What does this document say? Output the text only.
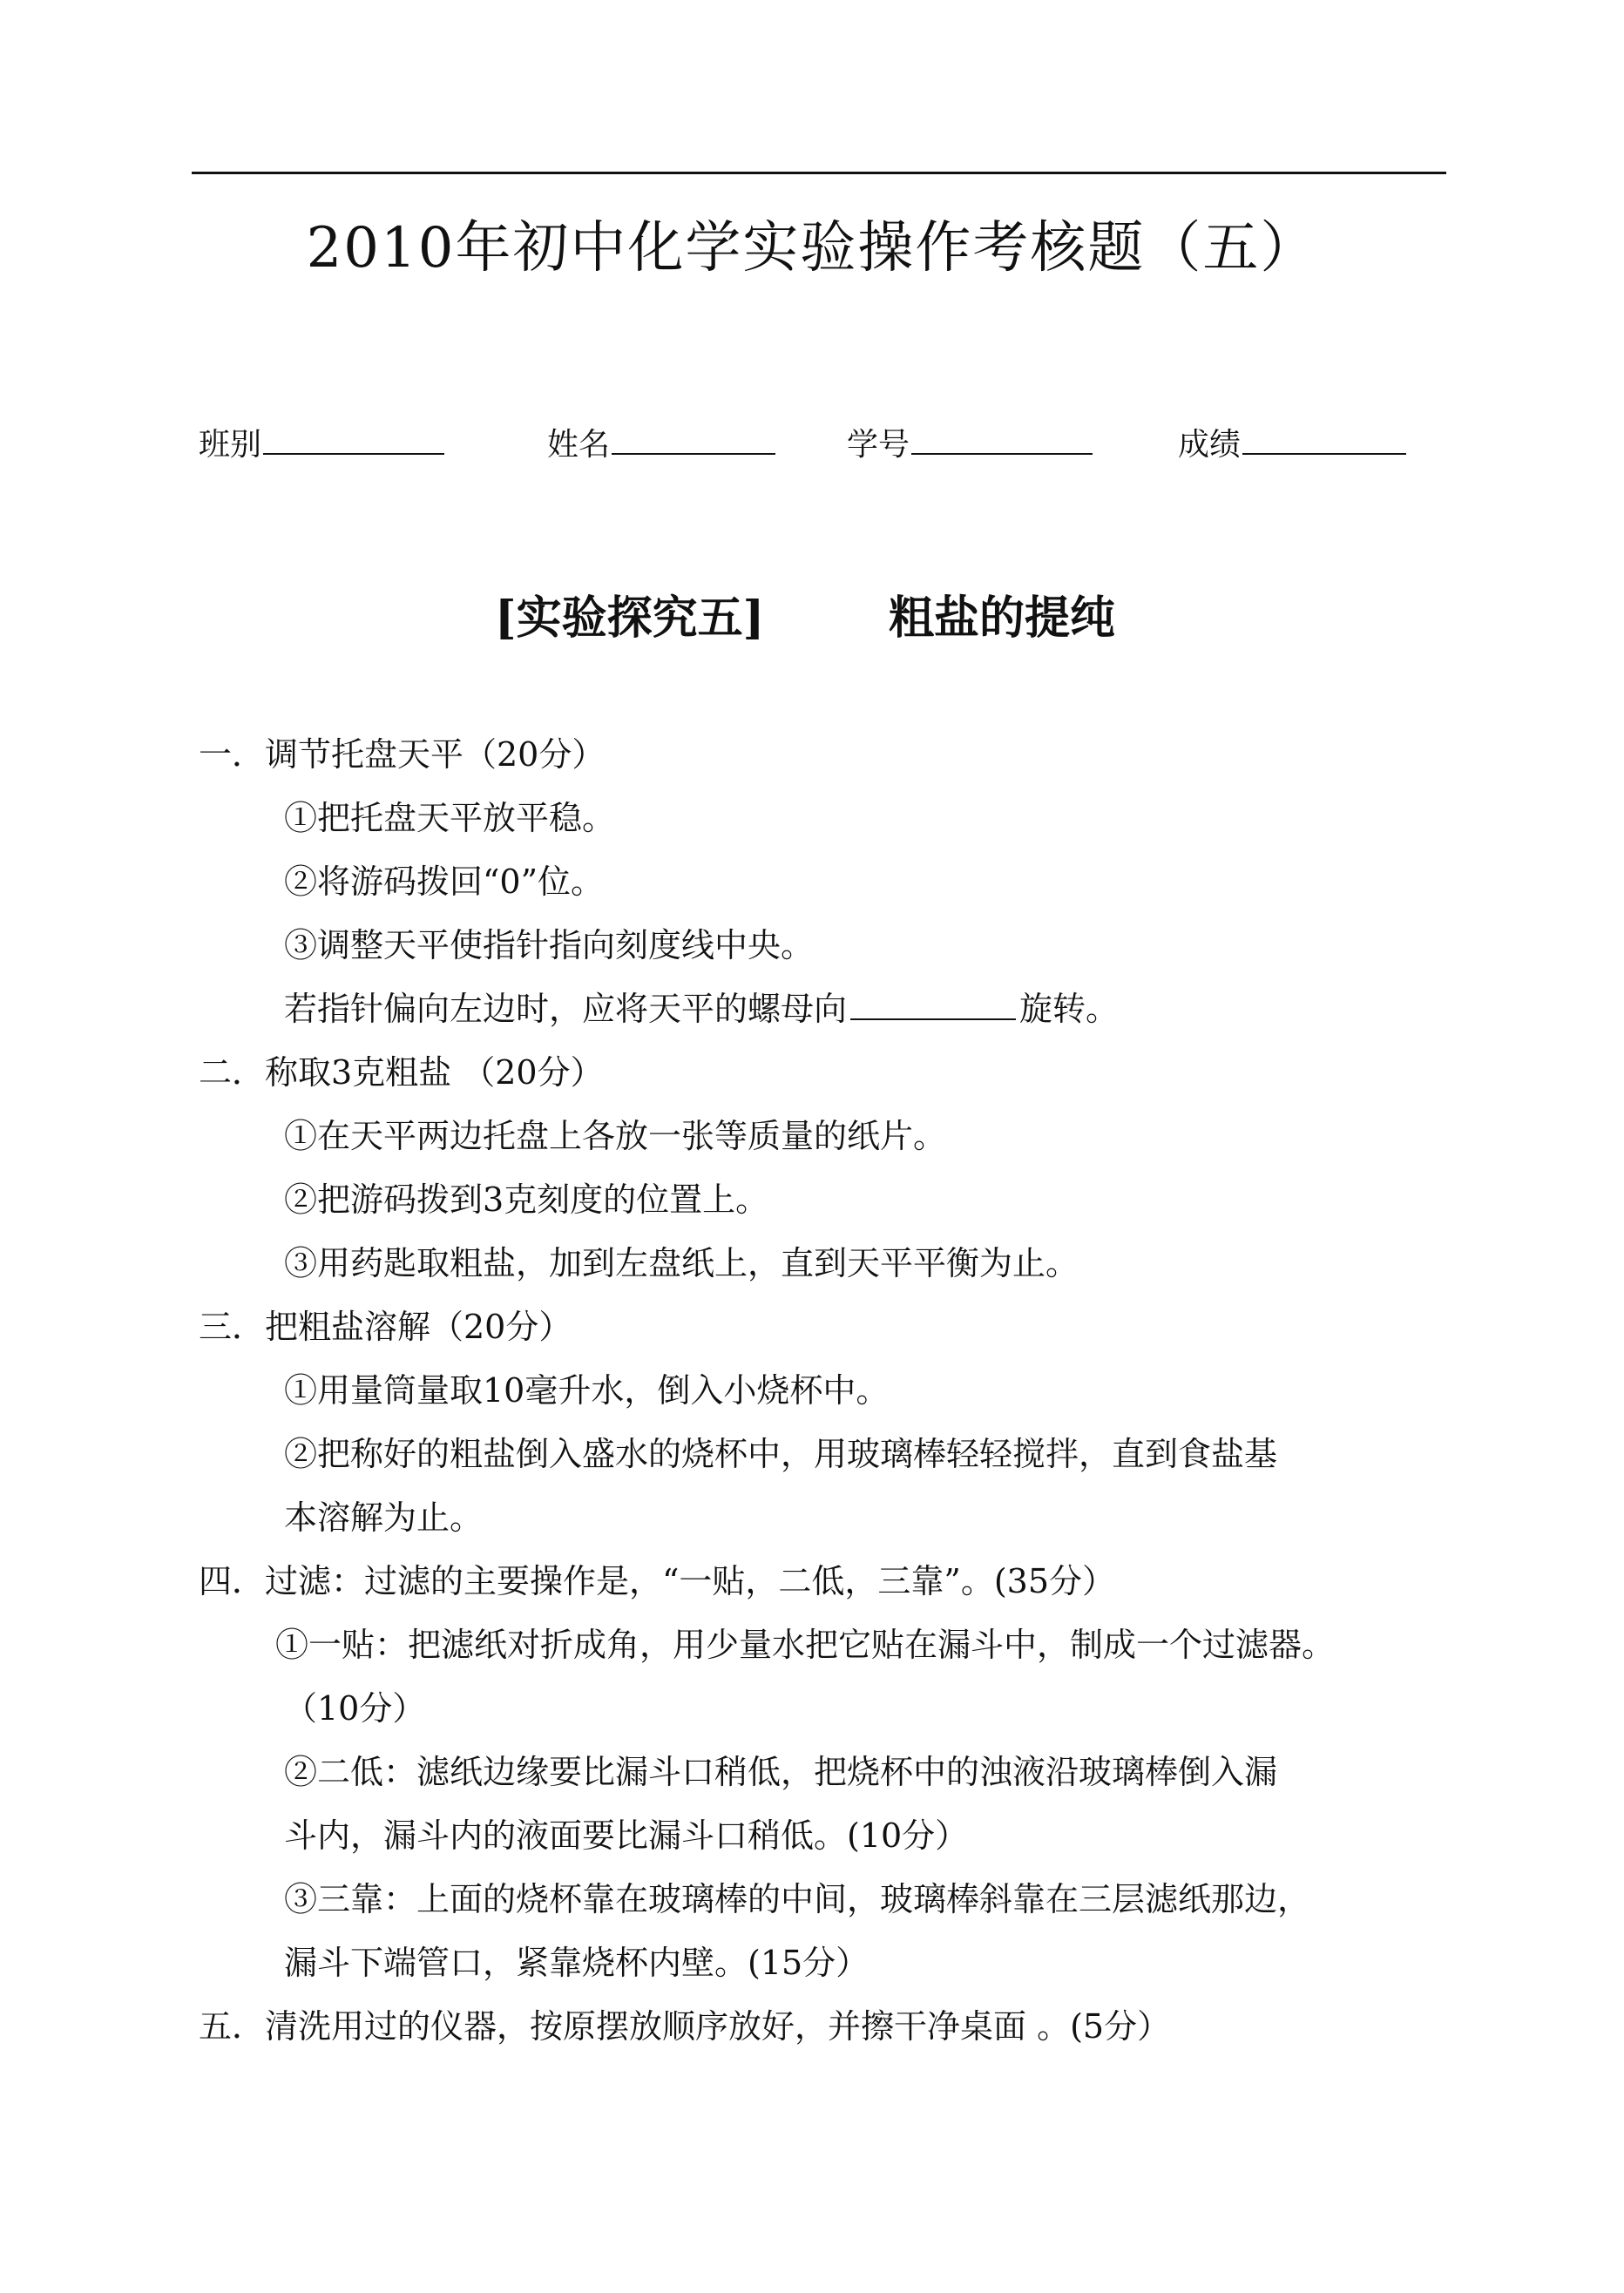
2010年初中化学实验操作考核题（五）
班别	姓名	学号	成绩
[实验探究五]	粗盐的提纯
一．调节托盘天平（20分）
①把托盘天平放平稳。
②将游码拨回“0”位。
③调整天平使指针指向刻度线中央。
若指针偏向左边时，应将天平的螺母向	旋转。
二．称取3克粗盐 （20分）
①在天平两边托盘上各放一张等质量的纸片。
②把游码拨到3克刻度的位置上。
③用药匙取粗盐，加到左盘纸上，直到天平平衡为止。
三．把粗盐溶解（20分）
①用量筒量取10毫升水，倒入小烧杯中。
②把称好的粗盐倒入盛水的烧杯中，用玻璃棒轻轻搅拌，直到食盐基
本溶解为止。
四．过滤：过滤的主要操作是，“一贴，二低，三靠”。(35分）
①一贴：把滤纸对折成角，用少量水把它贴在漏斗中，制成一个过滤器。
（10分）
②二低：滤纸边缘要比漏斗口稍低，把烧杯中的浊液沿玻璃棒倒入漏
斗内，漏斗内的液面要比漏斗口稍低。(10分）
③三靠：上面的烧杯靠在玻璃棒的中间，玻璃棒斜靠在三层滤纸那边，
漏斗下端管口，紧靠烧杯内壁。(15分）
五．清洗用过的仪器，按原摆放顺序放好，并擦干净桌面 。(5分）
